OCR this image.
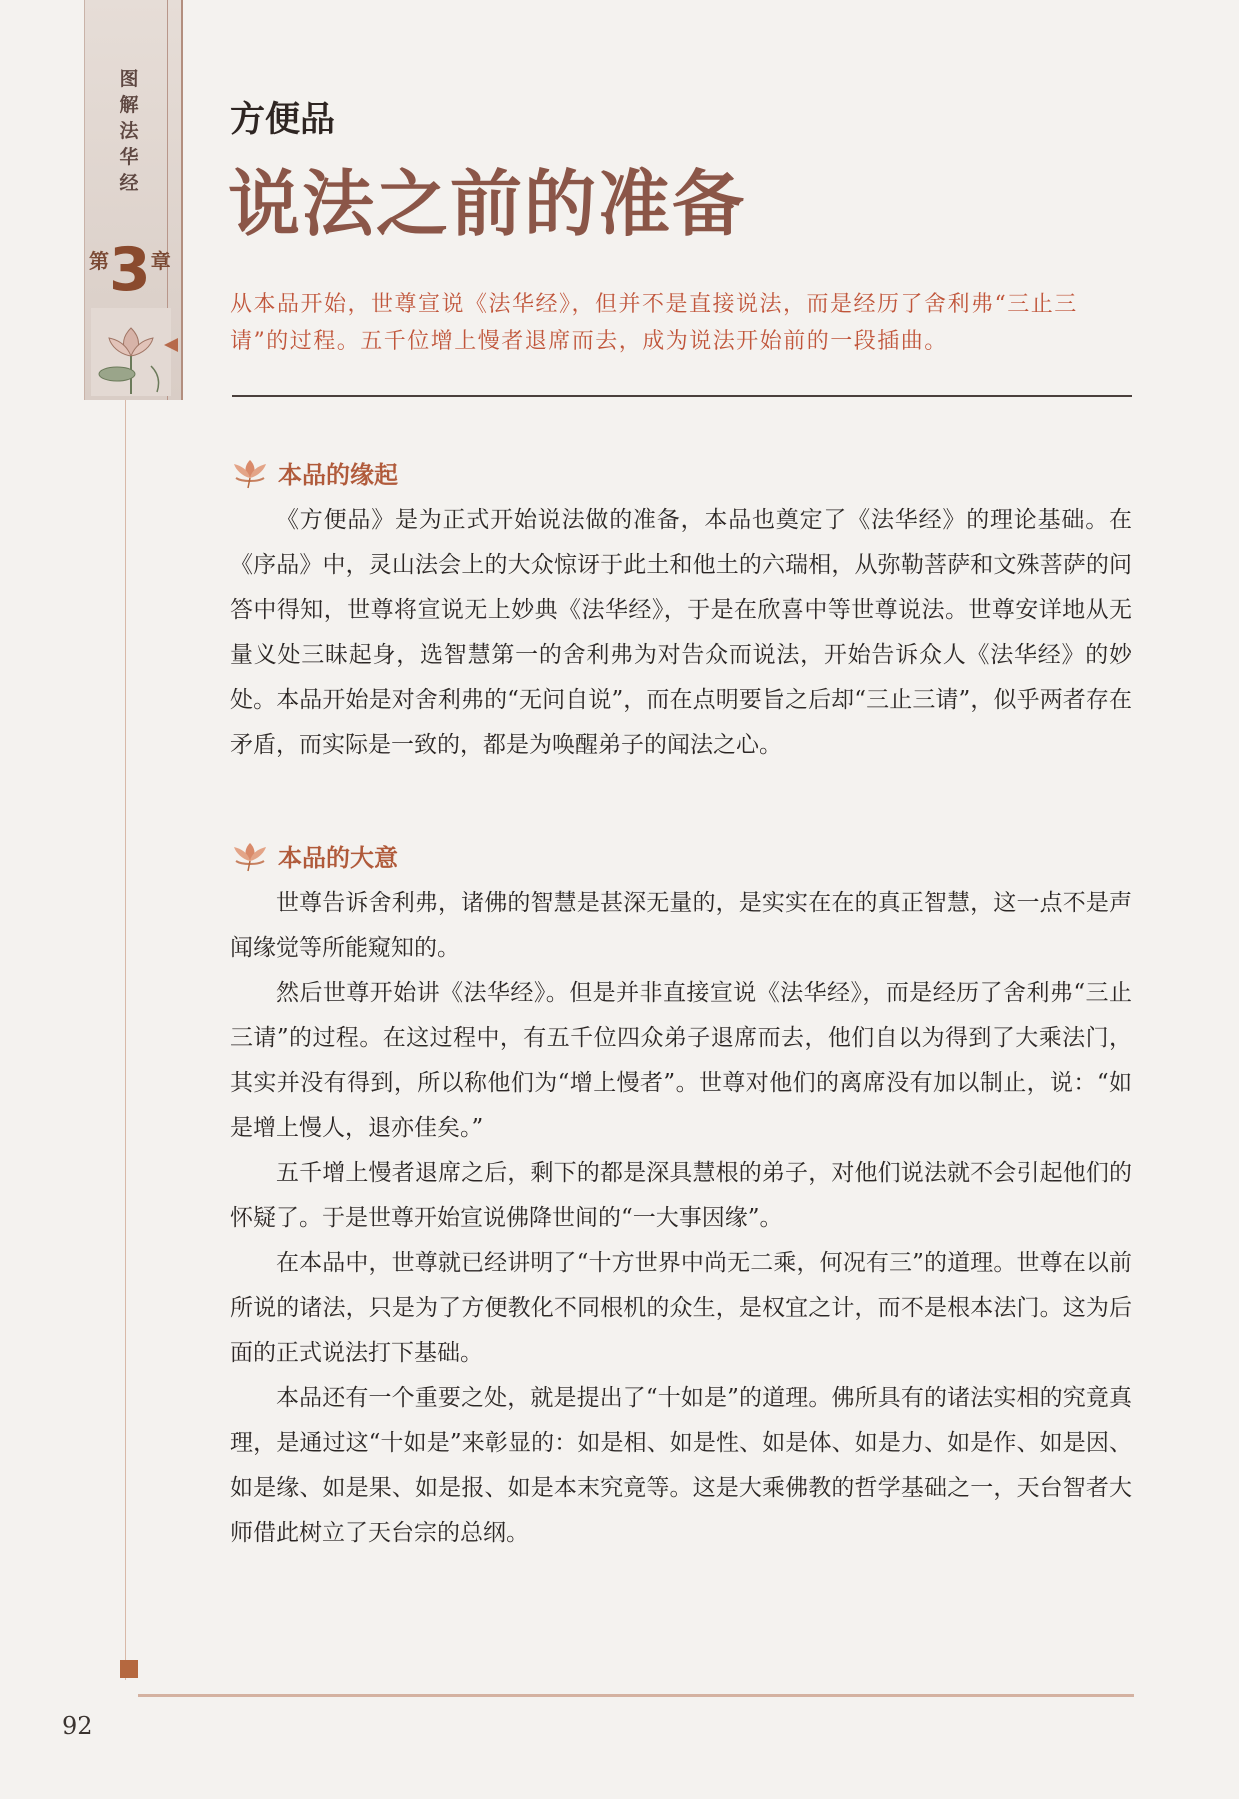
图
解
法
华
经
第3章
方便品
说法之前的准备
从本品开始，世尊宣说《法华经》，但并不是直接说法，而是经历了舍利弗“三止三请”的过程。五千位增上慢者退席而去，成为说法开始前的一段插曲。
本品的缘起

《方便品》是为正式开始说法做的准备，本品也奠定了《法华经》的理论基础。在《序品》中，灵山法会上的大众惊讶于此土和他土的六瑞相，从弥勒菩萨和文殊菩萨的问答中得知，世尊将宣说无上妙典《法华经》，于是在欣喜中等世尊说法。世尊安详地从无量义处三昧起身，选智慧第一的舍利弗为对告众而说法，开始告诉众人《法华经》的妙处。本品开始是对舍利弗的“无问自说”，而在点明要旨之后却“三止三请”，似乎两者存在矛盾，而实际是一致的，都是为唤醒弟子的闻法之心。

本品的大意

世尊告诉舍利弗，诸佛的智慧是甚深无量的，是实实在在的真正智慧，这一点不是声闻缘觉等所能窥知的。

然后世尊开始讲《法华经》。但是并非直接宣说《法华经》，而是经历了舍利弗“三止三请”的过程。在这过程中，有五千位四众弟子退席而去，他们自以为得到了大乘法门，其实并没有得到，所以称他们为“增上慢者”。世尊对他们的离席没有加以制止，说：“如是增上慢人，退亦佳矣。”

五千增上慢者退席之后，剩下的都是深具慧根的弟子，对他们说法就不会引起他们的怀疑了。于是世尊开始宣说佛降世间的“一大事因缘”。

在本品中，世尊就已经讲明了“十方世界中尚无二乘，何况有三”的道理。世尊在以前所说的诸法，只是为了方便教化不同根机的众生，是权宜之计，而不是根本法门。这为后面的正式说法打下基础。

本品还有一个重要之处，就是提出了“十如是”的道理。佛所具有的诸法实相的究竟真理，是通过这“十如是”来彰显的：如是相、如是性、如是体、如是力、如是作、如是因、如是缘、如是果、如是报、如是本末究竟等。这是大乘佛教的哲学基础之一，天台智者大师借此树立了天台宗的总纲。

92
